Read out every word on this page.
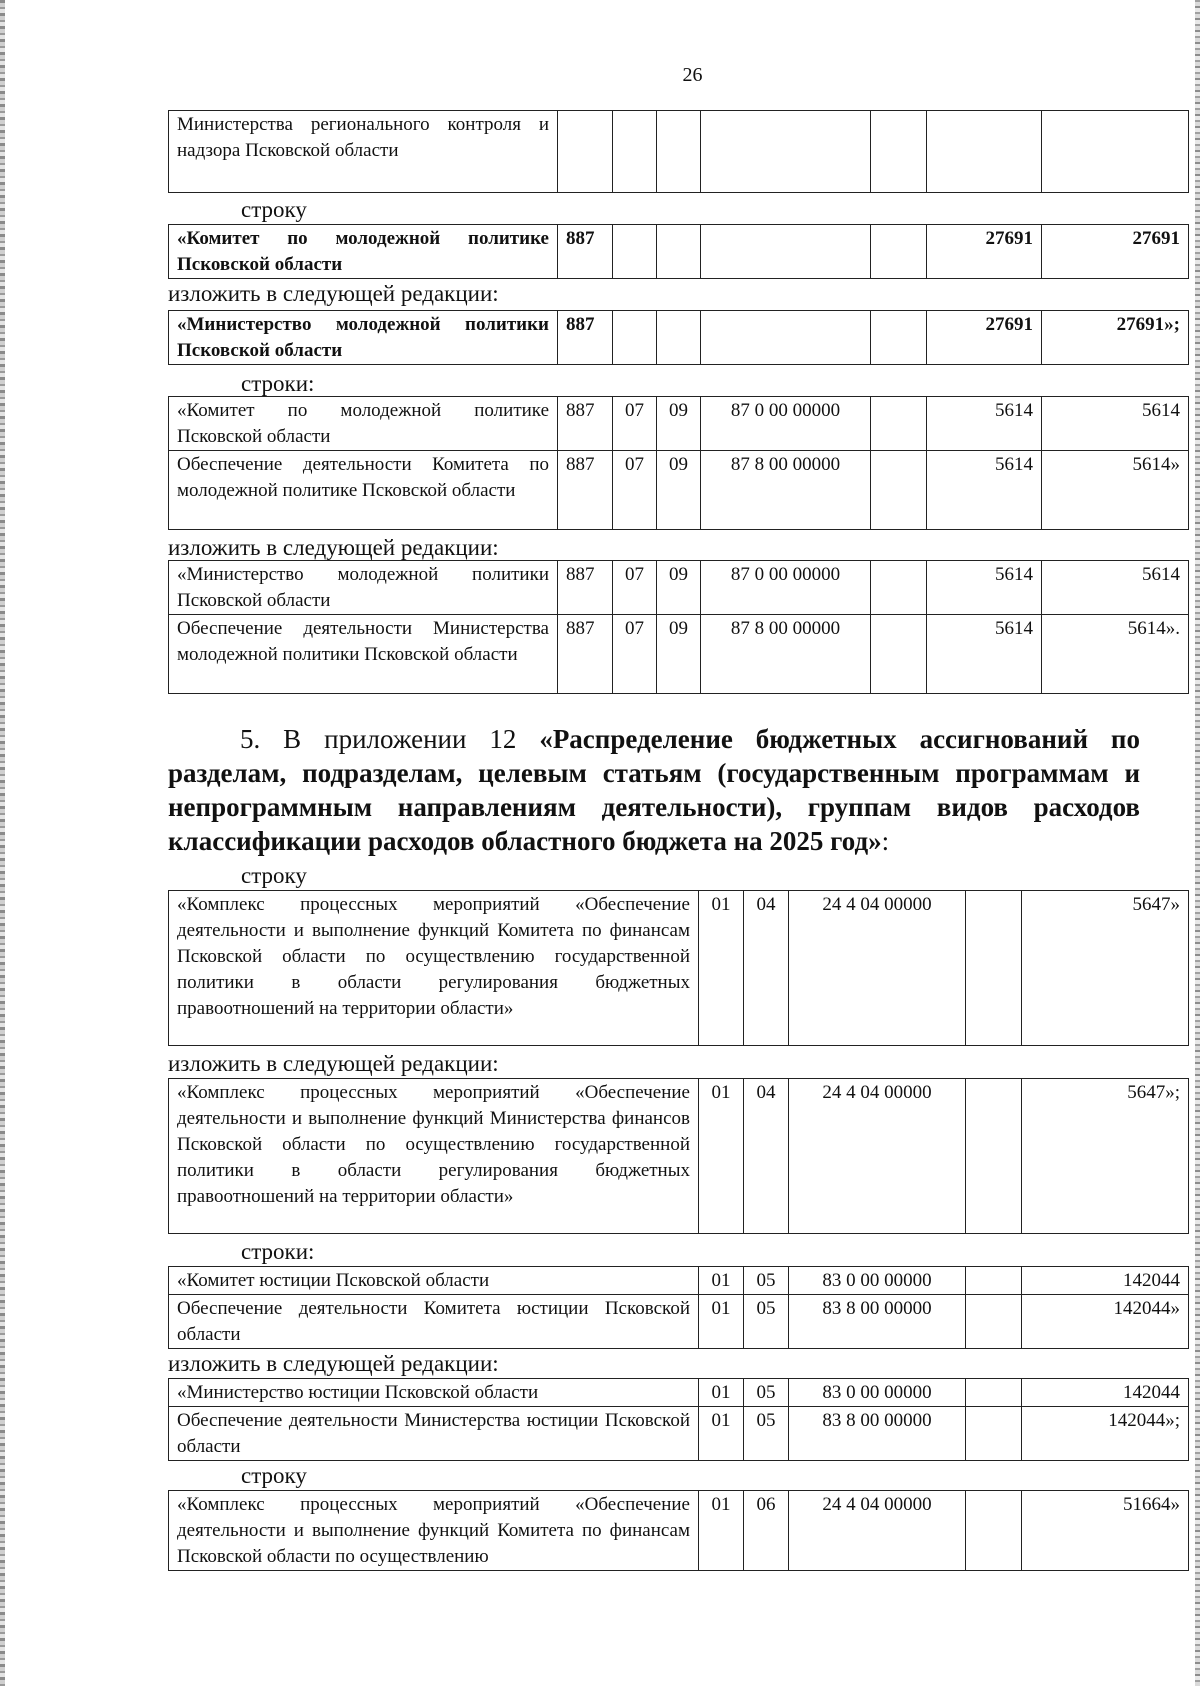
26
Министерства регионального контроля и надзора Псковской области							
строку
«Комитет по молодежной политике Псковской области	887					27691	27691
изложить в следующей редакции:
«Министерство молодежной политики Псковской области	887					27691	27691»;
строки:
«Комитет по молодежной политике Псковской области	887	07	09	87 0 00 00000		5614	5614
Обеспечение деятельности Комитета по молодежной политике Псковской области	887	07	09	87 8 00 00000		5614	5614»
изложить в следующей редакции:
«Министерство молодежной политики Псковской области	887	07	09	87 0 00 00000		5614	5614
Обеспечение деятельности Министерства молодежной политики Псковской области	887	07	09	87 8 00 00000		5614	5614».
5. В приложении 12 «Распределение бюджетных ассигнований по разделам, подразделам, целевым статьям (государственным программам и непрограммным направлениям деятельности), группам видов расходов классификации расходов областного бюджета на 2025 год»:
строку
«Комплекс процессных мероприятий «Обеспечение деятельности и выполнение функций Комитета по финансам Псковской области по осуществлению государственной политики в области регулирования бюджетных правоотношений на территории области»	01	04	24 4 04 00000		5647»
изложить в следующей редакции:
«Комплекс процессных мероприятий «Обеспечение деятельности и выполнение функций Министерства финансов Псковской области по осуществлению государственной политики в области регулирования бюджетных правоотношений на территории области»	01	04	24 4 04 00000		5647»;
строки:
«Комитет юстиции Псковской области	01	05	83 0 00 00000		142044
Обеспечение деятельности Комитета юстиции Псковской области	01	05	83 8 00 00000		142044»
изложить в следующей редакции:
«Министерство юстиции Псковской области	01	05	83 0 00 00000		142044
Обеспечение деятельности Министерства юстиции Псковской области	01	05	83 8 00 00000		142044»;
строку
«Комплекс процессных мероприятий «Обеспечение деятельности и выполнение функций Комитета по финансам Псковской области по осуществлению	01	06	24 4 04 00000		51664»
